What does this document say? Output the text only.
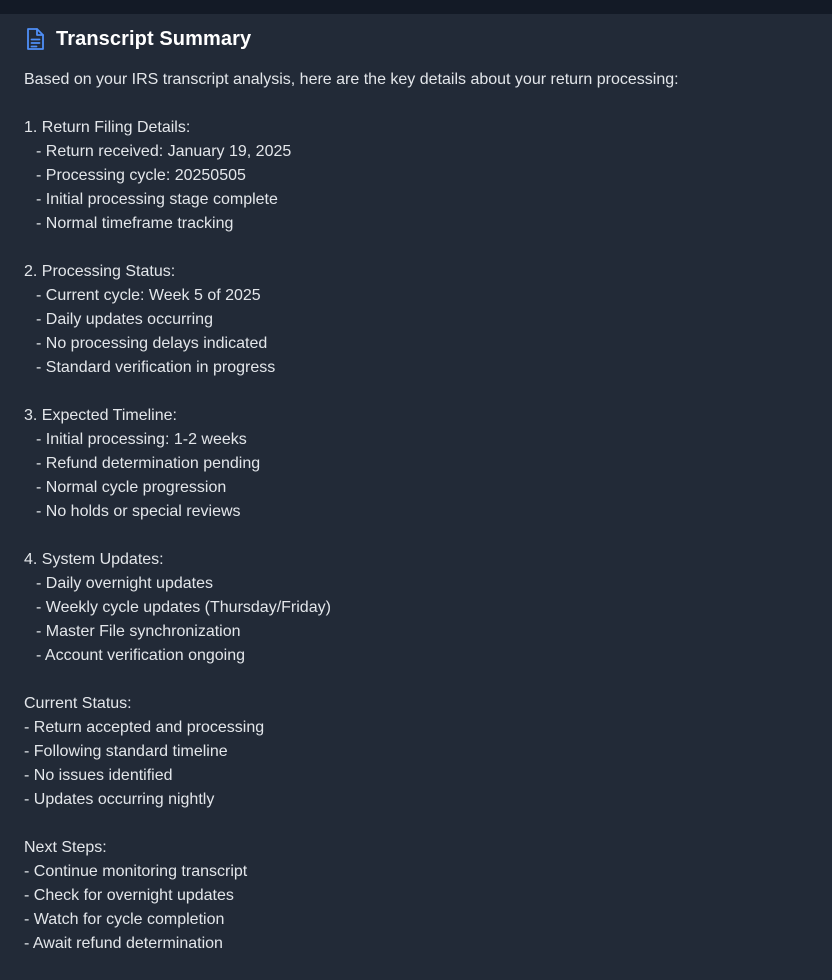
Transcript Summary
Based on your IRS transcript analysis, here are the key details about your return processing:
1. Return Filing Details:
- Return received: January 19, 2025
- Processing cycle: 20250505
- Initial processing stage complete
- Normal timeframe tracking
2. Processing Status:
- Current cycle: Week 5 of 2025
- Daily updates occurring
- No processing delays indicated
- Standard verification in progress
3. Expected Timeline:
- Initial processing: 1-2 weeks
- Refund determination pending
- Normal cycle progression
- No holds or special reviews
4. System Updates:
- Daily overnight updates
- Weekly cycle updates (Thursday/Friday)
- Master File synchronization
- Account verification ongoing
Current Status:
- Return accepted and processing
- Following standard timeline
- No issues identified
- Updates occurring nightly
Next Steps:
- Continue monitoring transcript
- Check for overnight updates
- Watch for cycle completion
- Await refund determination
